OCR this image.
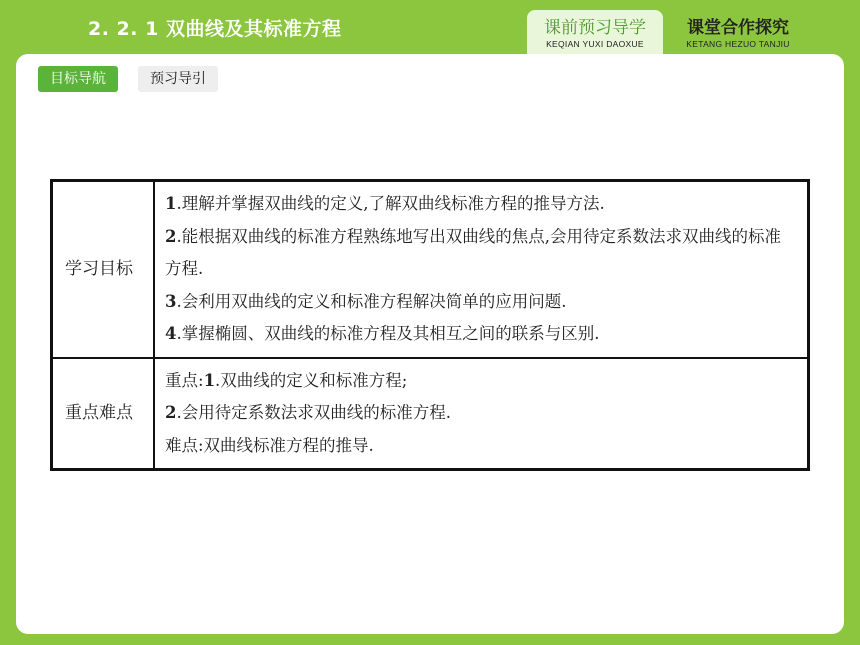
2. 2. 1 双曲线及其标准方程	课前预习导学
KEQIAN YUXI DAOXUE
课堂合作探究
KETANG HEZUO TANJIU
目标导航	预习导引
学习目标	1.理解并掌握双曲线的定义,了解双曲线标准方程的推导方法.
2.能根据双曲线的标准方程熟练地写出双曲线的焦点,会用待定系数法求双曲线的标准方程.
3.会利用双曲线的定义和标准方程解决简单的应用问题.
4.掌握椭圆、双曲线的标准方程及其相互之间的联系与区别.

重点难点	重点:1.双曲线的定义和标准方程;
2.会用待定系数法求双曲线的标准方程.
难点:双曲线标准方程的推导.
